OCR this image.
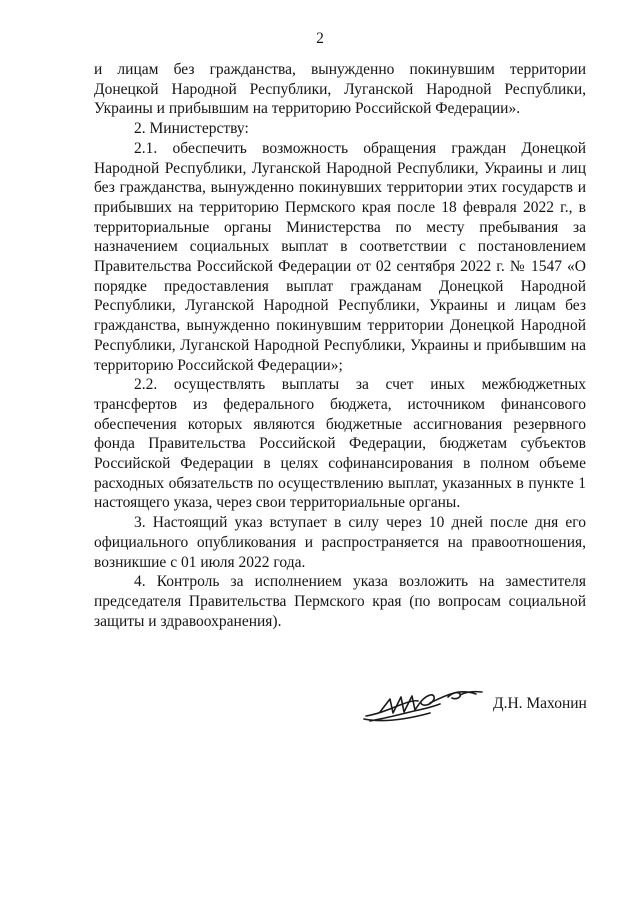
2

и лицам без гражданства, вынужденно покинувшим территории Донецкой Народной Республики, Луганской Народной Республики, Украины и прибывшим на территорию Российской Федерации».

2. Министерству:

2.1. обеспечить возможность обращения граждан Донецкой Народной Республики, Луганской Народной Республики, Украины и лиц без гражданства, вынужденно покинувших территории этих государств и прибывших на территорию Пермского края после 18 февраля 2022 г., в территориальные органы Министерства по месту пребывания за назначением социальных выплат в соответствии с постановлением Правительства Российской Федерации от 02 сентября 2022 г. № 1547 «О порядке предоставления выплат гражданам Донецкой Народной Республики, Луганской Народной Республики, Украины и лицам без гражданства, вынужденно покинувшим территории Донецкой Народной Республики, Луганской Народной Республики, Украины и прибывшим на территорию Российской Федерации»;

2.2. осуществлять выплаты за счет иных межбюджетных трансфертов из федерального бюджета, источником финансового обеспечения которых являются бюджетные ассигнования резервного фонда Правительства Российской Федерации, бюджетам субъектов Российской Федерации в целях софинансирования в полном объеме расходных обязательств по осуществлению выплат, указанных в пункте 1 настоящего указа, через свои территориальные органы.

3. Настоящий указ вступает в силу через 10 дней после дня его официального опубликования и распространяется на правоотношения, возникшие с 01 июля 2022 года.

4. Контроль за исполнением указа возложить на заместителя председателя Правительства Пермского края (по вопросам социальной защиты и здравоохранения).

Д.Н. Махонин
